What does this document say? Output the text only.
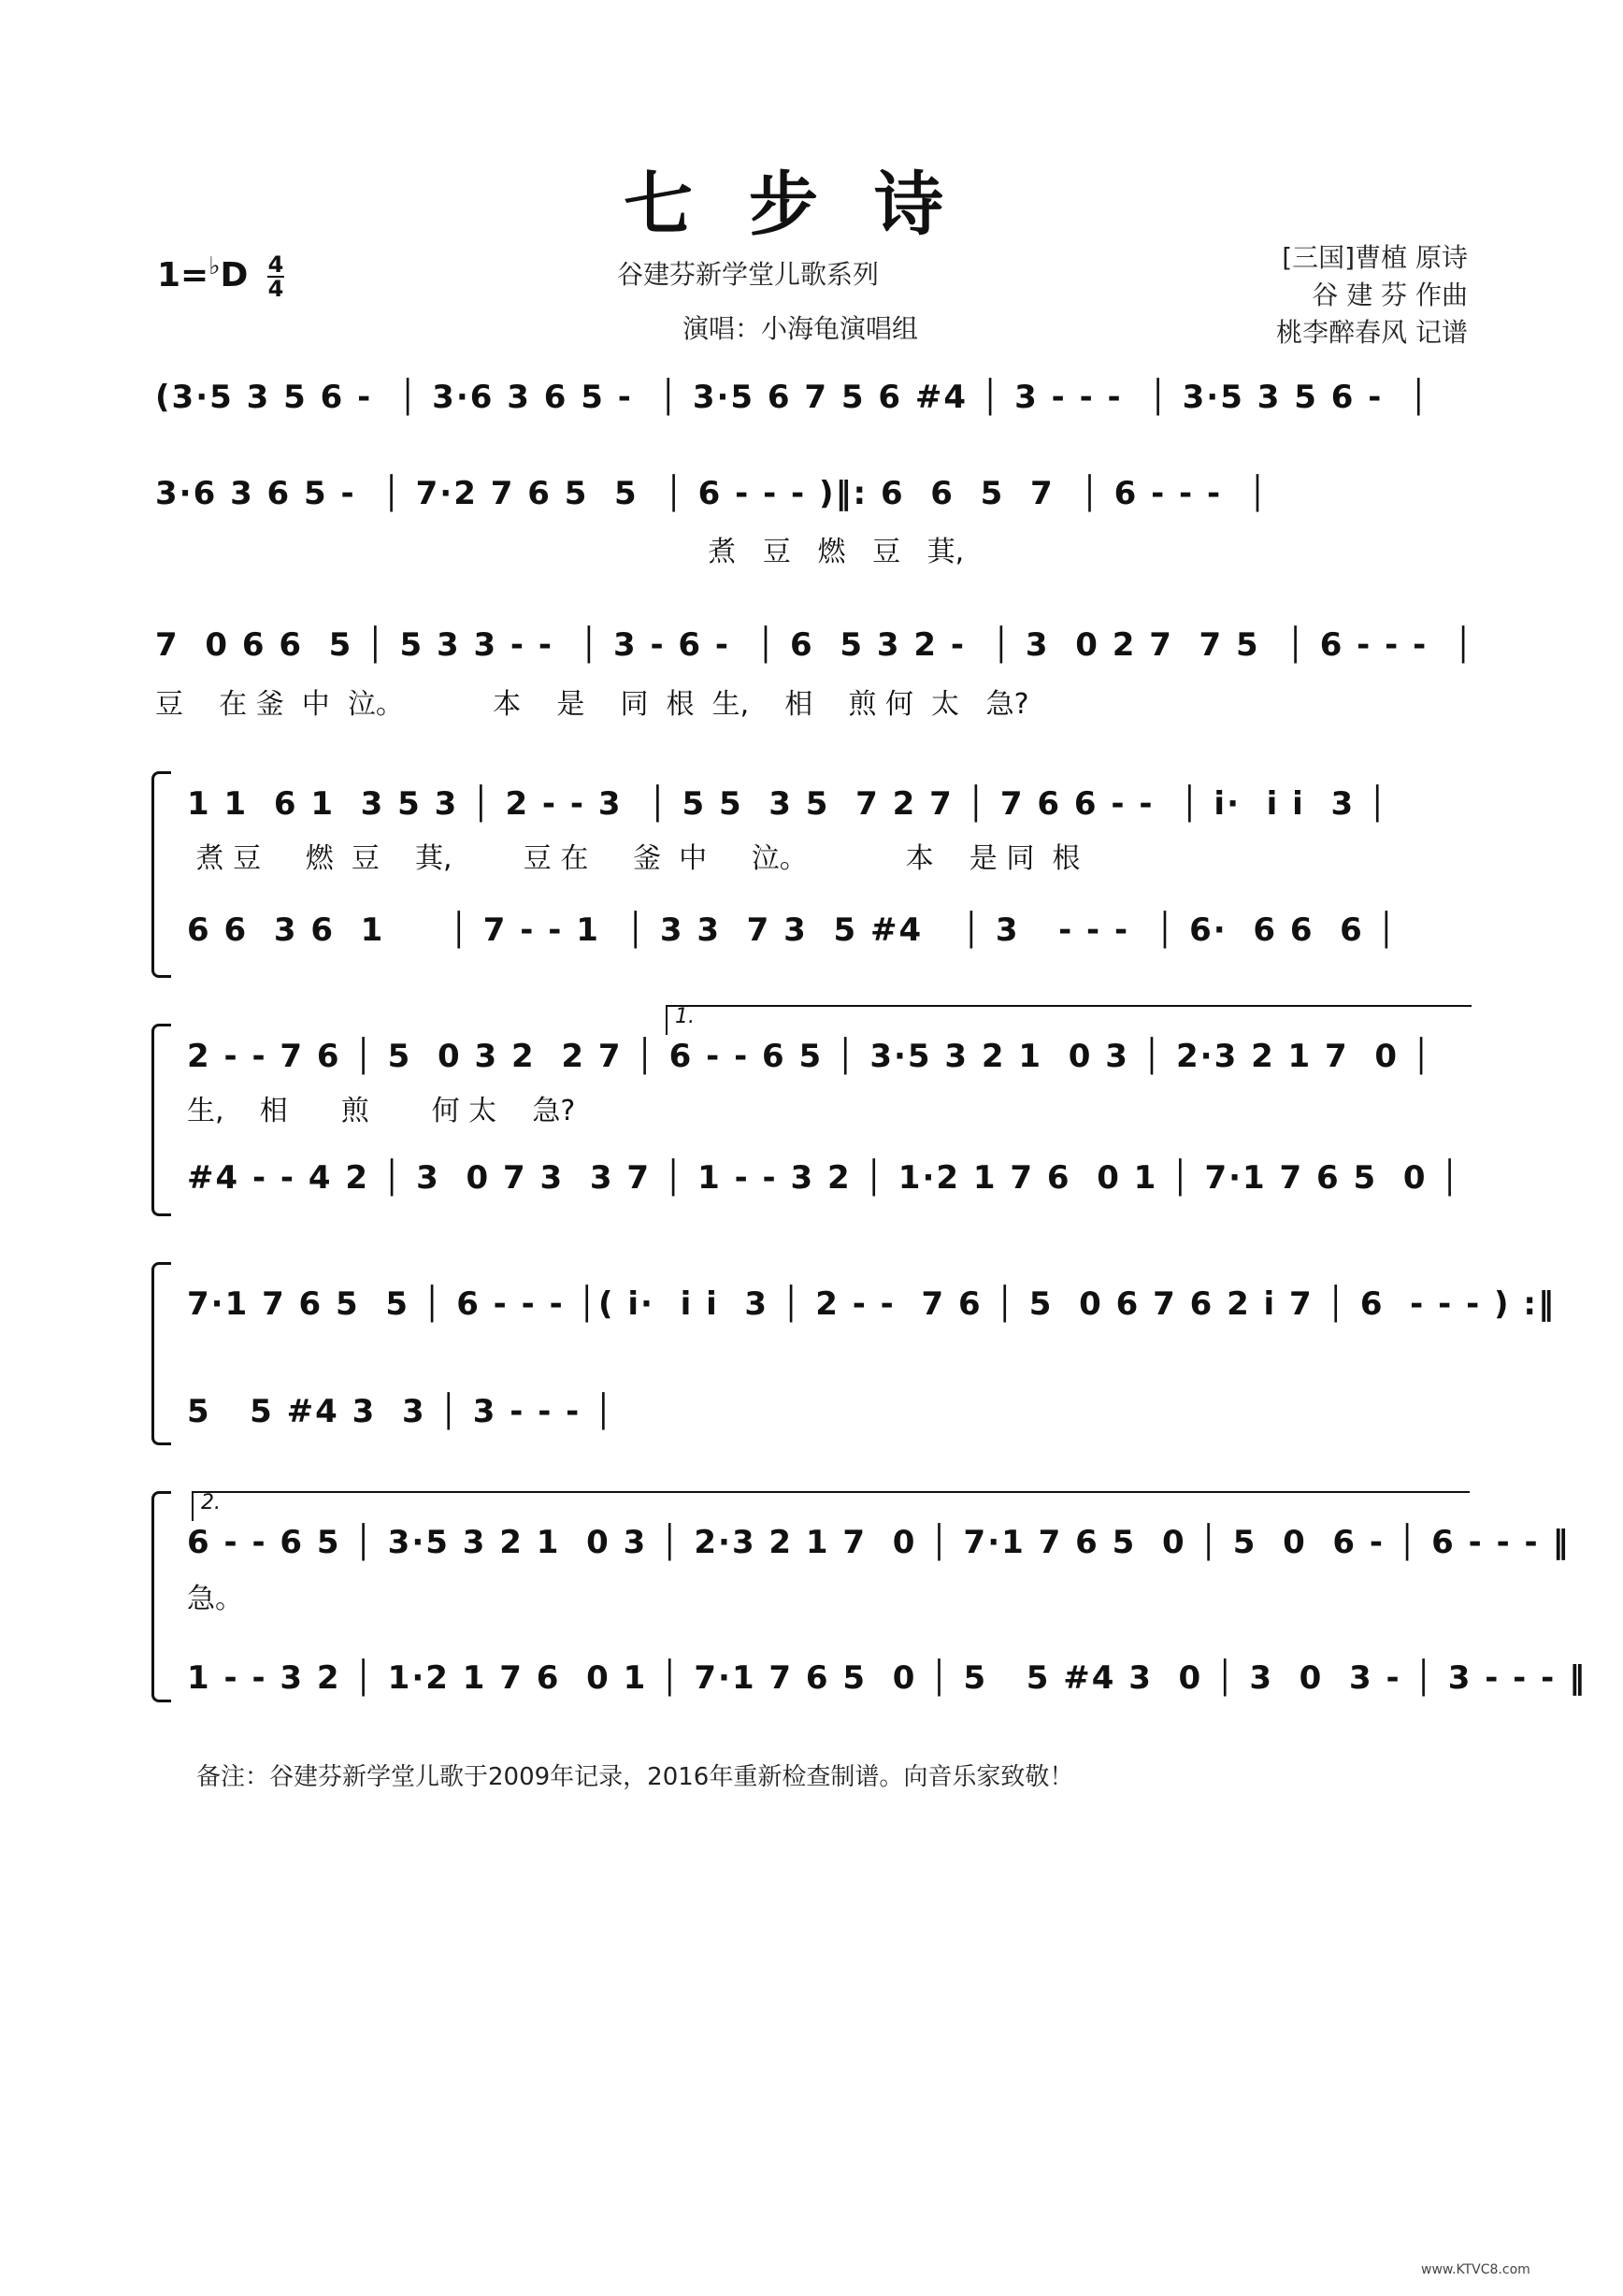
七步诗
$1=^♭D \frac{4}{4}$	谷建芬新学堂儿歌系列
演唱：小海龟演唱组
[三国]曹植 原诗
谷 建 芬 作曲
桃李醉春风 记谱
(3·5 3 5 6 -  │ 3·6 3 6 5 -  │ 3·5 6 7 5 6 #4 │ 3 - - -  │ 3·5 3 5 6 -  │
3·6 3 6 5 -  │ 7·2 7 6 5  5  │ 6 - - - )‖: 6  6  5  7  │ 6 - - -  │
煮   豆   燃   豆   萁,
7  0 6 6  5 │ 5 3 3 - -  │ 3 - 6 -  │ 6  5 3 2 -  │ 3  0 2 7  7 5  │ 6 - - -  │
豆    在 釜  中  泣。          本    是    同  根  生,    相    煎 何  太   急?
1 1  6 1  3 5 3 │ 2 - - 3  │ 5 5  3 5  7 2 7 │ 7 6 6 - -  │ i·  i i  3 │
煮 豆     燃  豆    萁,        豆 在     釜  中     泣。           本    是 同  根
6 6  3 6  1     │ 7 - - 1  │ 3 3  7 3  5 #4   │ 3   - - -  │ 6·  6 6  6 │
1.
2 - - 7 6 │ 5  0 3 2  2 7 │ 6 - - 6 5 │ 3·5 3 2 1  0 3 │ 2·3 2 1 7  0 │
生,    相      煎       何 太    急?
#4 - - 4 2 │ 3  0 7 3  3 7 │ 1 - - 3 2 │ 1·2 1 7 6  0 1 │ 7·1 7 6 5  0 │
7·1 7 6 5  5 │ 6 - - - │( i·  i i  3 │ 2 - -  7 6 │ 5  0 6 7 6 2 i 7 │ 6  - - - ) :‖
5   5 #4 3  3 │ 3 - - - │
2.
6 - - 6 5 │ 3·5 3 2 1  0 3 │ 2·3 2 1 7  0 │ 7·1 7 6 5  0 │ 5  0  6 - │ 6 - - - ‖
急。
1 - - 3 2 │ 1·2 1 7 6  0 1 │ 7·1 7 6 5  0 │ 5   5 #4 3  0 │ 3  0  3 - │ 3 - - - ‖
备注：谷建芬新学堂儿歌于2009年记录，2016年重新检查制谱。向音乐家致敬！
www.KTVC8.com
